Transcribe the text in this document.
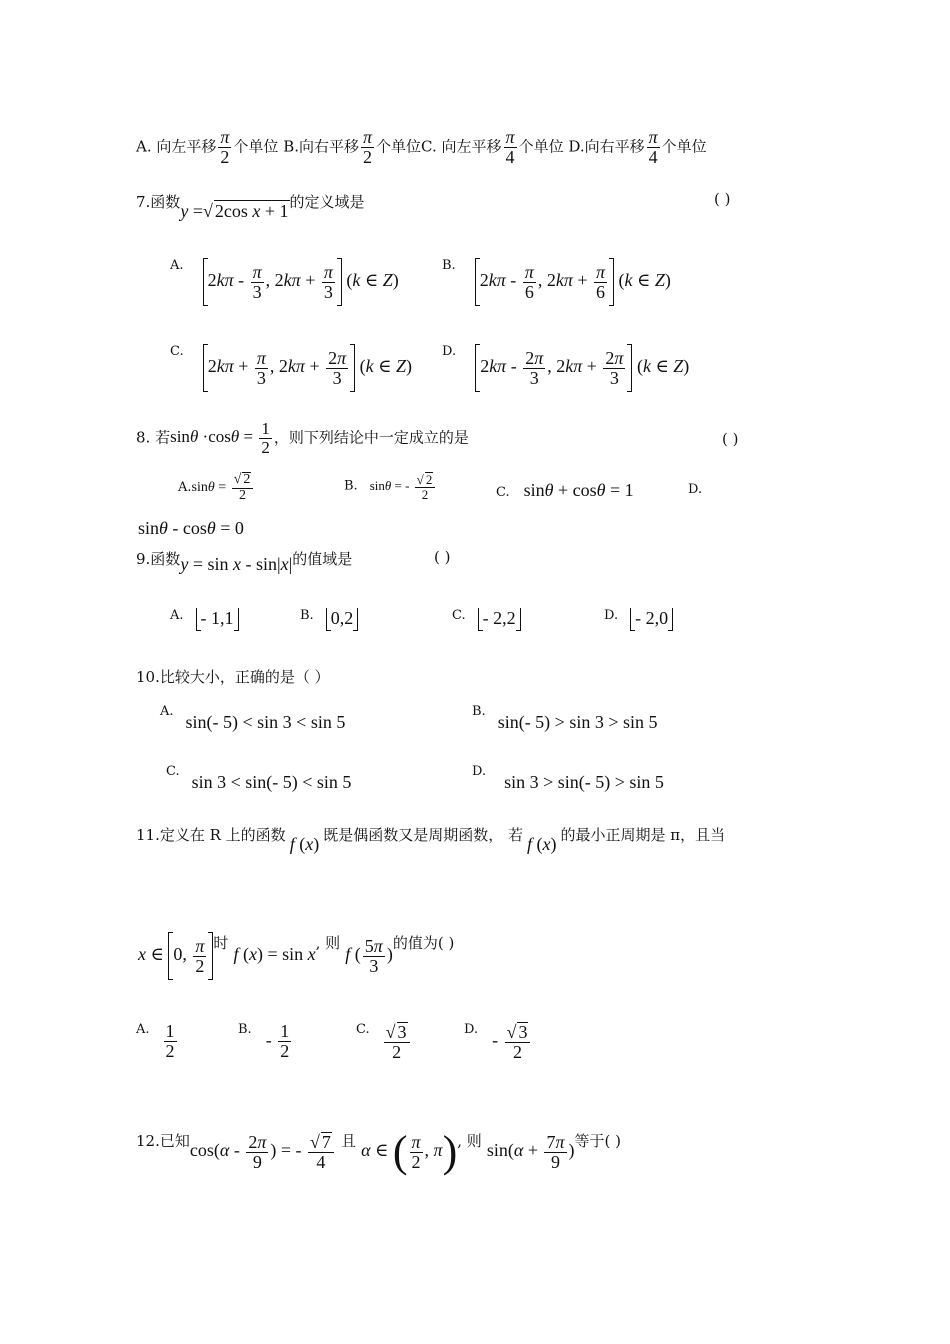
A. 向左平移 $\frac{\pi}{2}$ 个单位 B.向右平移 $\frac{\pi}{2}$ 个单位C. 向左平移 $\frac{\pi}{4}$ 个单位 D.向右平移 $\frac{\pi}{4}$ 个单位
7.函数y =√ 2cos x + 1的定义域是	( )
$^{A.}$ $2k\pi - \frac{\pi}{3}$ , $2k\pi + \frac{\pi}{3} (k$ ∈ Z)
$^{B.}$ $2k\pi - \frac{\pi}{6}$ , $2k\pi + \frac{\pi}{6} (k$ ∈ Z)
$^{C.}$ $2k\pi + \frac{\pi}{3}$ , $2k\pi + \frac{2\pi}{3} (k$ ∈ Z)
$^{D.}$ $2k\pi - \frac{2\pi}{3}$ , $2k\pi + \frac{2\pi}{3} (k$ ∈ Z)
8. 若$\sin\theta \cdot\cos\theta = \frac{1}{2}$ ，则下列结论中一定成立的是	( )
$A.\sin\theta = \frac{√ 2}{2}$	B. sinθ = - $\frac{√ 2}{2}$	C. sinθ + cosθ = 1	D.
sinθ - cosθ = 0
9.函数y = sin x - sin|x|的值域是	( )
$^{A.}$ - 1,1	$^{B.}$ 0,2	$^{C.}$ - 2,2	$^{D.}$ - 2,0
10.比较大小，正确的是（ ）
$^{A.}$sin(- 5) < sin 3 < sin 5
$^{B.}$sin(- 5) > sin 3 > sin 5
$^{C.}$sin 3 < sin(- 5) < sin 5
$^{D.}$sin 3 > sin(- 5) > sin 5
11.定义在 R 上的函数 f (x) 既是偶函数又是周期函数， 若 f (x) 的最小正周期是 π，且当
x ∈ 0, $\frac{\pi}{2}$ 时 f (x) = sin x, 则 f ( $\frac{5\pi}{3}$ )的值为( )
$^{A.} \frac{1}{2}$	$^{B.}- \frac{1}{2}$	$^{C.} \frac{√ 3}{2}$	$^{D.}- \frac{√ 3}{2}$
12.已知$\cos(\alpha - \frac{2\pi}{9}$ ) = - $\frac{√ 7}{4}$ 且 α ∈ ( $\frac{\pi}{2}$ , π), 则 $\sin(\alpha + \frac{7\pi}{9}$ )等于( )
